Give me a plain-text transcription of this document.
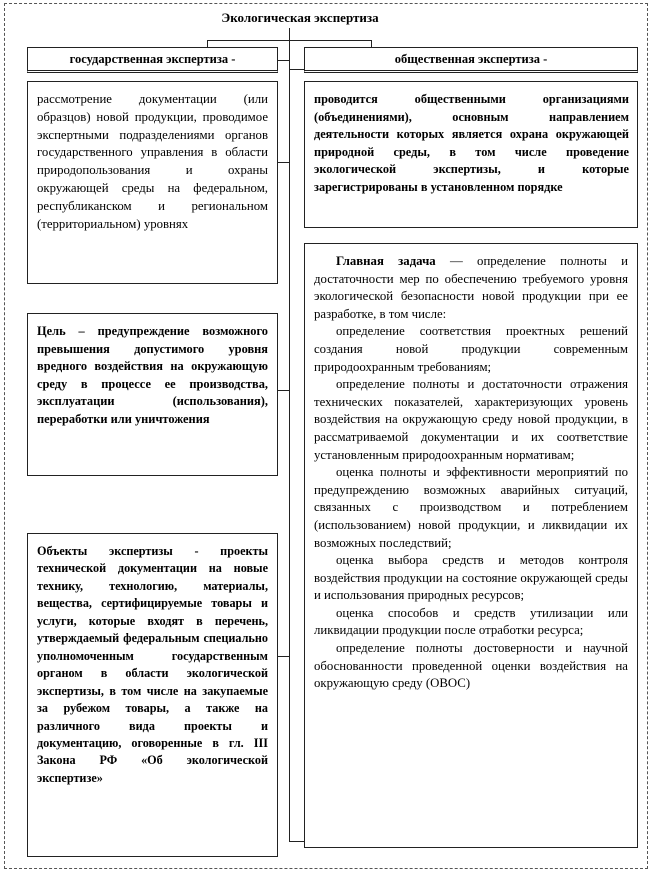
Экологическая экспертиза
государственная экспертиза -	общественная экспертиза -

рассмотрение документации (или образцов) новой продукции, проводимое экспертными подразделениями органов государственного управления в области природопользования и охраны окружающей среды на федеральном, республиканском и региональном (территориальном) уровнях

проводится общественными организациями (объединениями), основным направлением деятельности которых является охрана окружающей природной среды, в том числе проведение экологической экспертизы, и которые зарегистрированы в установленном порядке

Цель – предупреждение возможного превышения допустимого уровня вредного воздействия на окружающую среду в процессе ее производства, эксплуатации (использования), переработки или уничтожения

Объекты экспертизы - проекты технической документации на новые технику, технологию, материалы, вещества, сертифицируемые товары и услуги, которые входят в перечень, утверждаемый федеральным специально уполномоченным государственным органом в области экологической экспертизы, в том числе на закупаемые за рубежом товары, а также на различного вида проекты и документацию, оговоренные в гл. III Закона РФ «Об экологической экспертизе»

Главная задача — определение полноты и достаточности мер по обеспечению требуемого уровня экологической безопасности новой продукции при ее разработке, в том числе:

определение соответствия проектных решений создания новой продукции современным природоохранным требованиям;

определение полноты и достаточности отражения технических показателей, характеризующих уровень воздействия на окружающую среду новой продукции, в рассматриваемой документации и их соответствие установленным природоохранным нормативам;

оценка полноты и эффективности мероприятий по предупреждению возможных аварийных ситуаций, связанных с производством и потреблением (использованием) новой продукции, и ликвидации их возможных последствий;

оценка выбора средств и методов контроля воздействия продукции на состояние окружающей среды и использования природных ресурсов;

оценка способов и средств утилизации или ликвидации продукции после отработки ресурса;

определение полноты достоверности и научной обоснованности проведенной оценки воздействия на окружающую среду (ОВОС)
